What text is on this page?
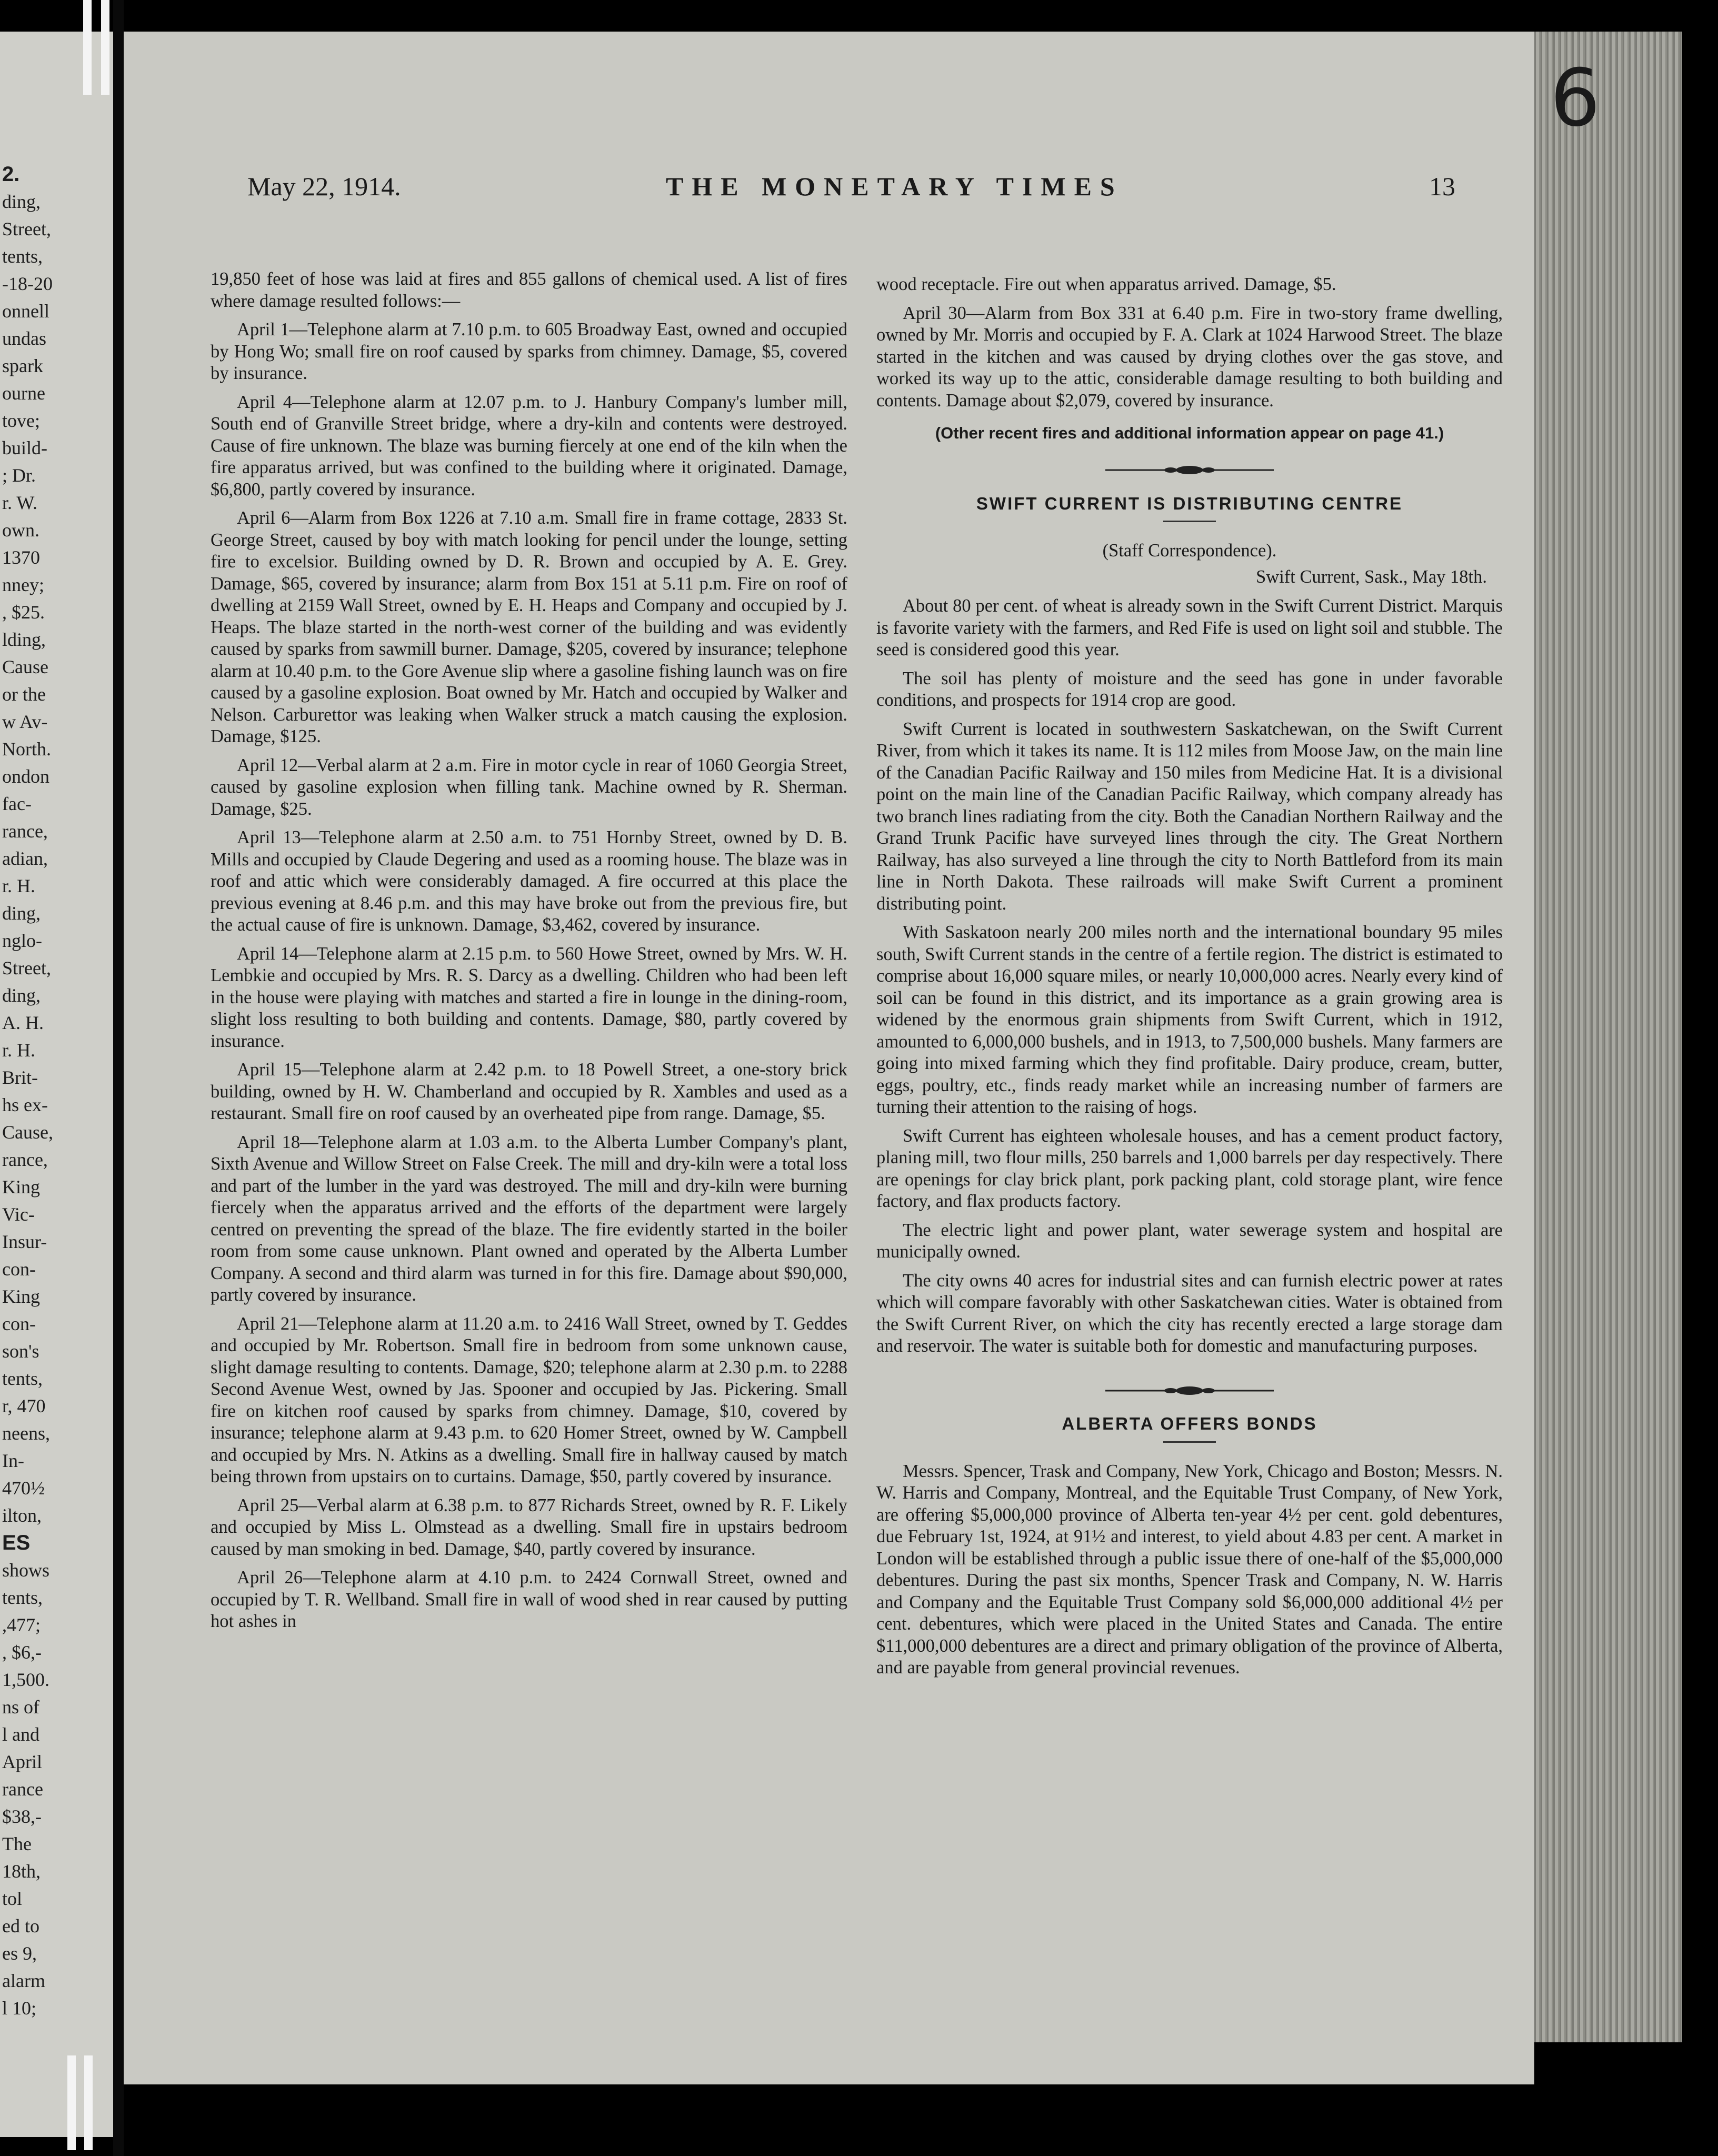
2.
ding,
Street,
tents,
-18-20
onnell
undas
spark
ourne
tove;
build-
; Dr.
r. W.
own.
1370
nney;
, $25.
lding,
Cause
or the
w Av-
North.
ondon
fac-
rance,
adian,
r. H.
ding,
nglo-
Street,
ding,
A. H.
r. H.
Brit-
hs ex-
Cause,
rance,
King
Vic-
Insur-
con-
King
con-
son's
tents,
r, 470
neens,
In-
470½
ilton,
ES
shows
tents,
,477;
, $6,-
1,500.
ns of
l and
April
rance
$38,-
The
18th,
tol
ed to
es 9,
alarm
l 10;
6
May 22, 1914.	THE MONETARY TIMES	13

19,850 feet of hose was laid at fires and 855 gallons of chemical used. A list of fires where damage resulted follows:—

April 1—Telephone alarm at 7.10 p.m. to 605 Broadway East, owned and occupied by Hong Wo; small fire on roof caused by sparks from chimney. Damage, $5, covered by insurance.

April 4—Telephone alarm at 12.07 p.m. to J. Hanbury Company's lumber mill, South end of Granville Street bridge, where a dry-kiln and contents were destroyed. Cause of fire unknown. The blaze was burning fiercely at one end of the kiln when the fire apparatus arrived, but was confined to the building where it originated. Damage, $6,800, partly covered by insurance.

April 6—Alarm from Box 1226 at 7.10 a.m. Small fire in frame cottage, 2833 St. George Street, caused by boy with match looking for pencil under the lounge, setting fire to excelsior. Building owned by D. R. Brown and occupied by A. E. Grey. Damage, $65, covered by insurance; alarm from Box 151 at 5.11 p.m. Fire on roof of dwelling at 2159 Wall Street, owned by E. H. Heaps and Company and occupied by J. Heaps. The blaze started in the north-west corner of the building and was evidently caused by sparks from sawmill burner. Damage, $205, covered by insurance; telephone alarm at 10.40 p.m. to the Gore Avenue slip where a gasoline fishing launch was on fire caused by a gasoline explosion. Boat owned by Mr. Hatch and occupied by Walker and Nelson. Carburettor was leaking when Walker struck a match causing the explosion. Damage, $125.

April 12—Verbal alarm at 2 a.m. Fire in motor cycle in rear of 1060 Georgia Street, caused by gasoline explosion when filling tank. Machine owned by R. Sherman. Damage, $25.

April 13—Telephone alarm at 2.50 a.m. to 751 Hornby Street, owned by D. B. Mills and occupied by Claude Degering and used as a rooming house. The blaze was in roof and attic which were considerably damaged. A fire occurred at this place the previous evening at 8.46 p.m. and this may have broke out from the previous fire, but the actual cause of fire is unknown. Damage, $3,462, covered by insurance.

April 14—Telephone alarm at 2.15 p.m. to 560 Howe Street, owned by Mrs. W. H. Lembkie and occupied by Mrs. R. S. Darcy as a dwelling. Children who had been left in the house were playing with matches and started a fire in lounge in the dining-room, slight loss resulting to both building and contents. Damage, $80, partly covered by insurance.

April 15—Telephone alarm at 2.42 p.m. to 18 Powell Street, a one-story brick building, owned by H. W. Chamberland and occupied by R. Xambles and used as a restaurant. Small fire on roof caused by an overheated pipe from range. Damage, $5.

April 18—Telephone alarm at 1.03 a.m. to the Alberta Lumber Company's plant, Sixth Avenue and Willow Street on False Creek. The mill and dry-kiln were a total loss and part of the lumber in the yard was destroyed. The mill and dry-kiln were burning fiercely when the apparatus arrived and the efforts of the department were largely centred on preventing the spread of the blaze. The fire evidently started in the boiler room from some cause unknown. Plant owned and operated by the Alberta Lumber Company. A second and third alarm was turned in for this fire. Damage about $90,000, partly covered by insurance.

April 21—Telephone alarm at 11.20 a.m. to 2416 Wall Street, owned by T. Geddes and occupied by Mr. Robertson. Small fire in bedroom from some unknown cause, slight damage resulting to contents. Damage, $20; telephone alarm at 2.30 p.m. to 2288 Second Avenue West, owned by Jas. Spooner and occupied by Jas. Pickering. Small fire on kitchen roof caused by sparks from chimney. Damage, $10, covered by insurance; telephone alarm at 9.43 p.m. to 620 Homer Street, owned by W. Campbell and occupied by Mrs. N. Atkins as a dwelling. Small fire in hallway caused by match being thrown from upstairs on to curtains. Damage, $50, partly covered by insurance.

April 25—Verbal alarm at 6.38 p.m. to 877 Richards Street, owned by R. F. Likely and occupied by Miss L. Olmstead as a dwelling. Small fire in upstairs bedroom caused by man smoking in bed. Damage, $40, partly covered by insurance.

April 26—Telephone alarm at 4.10 p.m. to 2424 Cornwall Street, owned and occupied by T. R. Wellband. Small fire in wall of wood shed in rear caused by putting hot ashes in

wood receptacle. Fire out when apparatus arrived. Damage, $5.

April 30—Alarm from Box 331 at 6.40 p.m. Fire in two-story frame dwelling, owned by Mr. Morris and occupied by F. A. Clark at 1024 Harwood Street. The blaze started in the kitchen and was caused by drying clothes over the gas stove, and worked its way up to the attic, considerable damage resulting to both building and contents. Damage about $2,079, covered by insurance.

(Other recent fires and additional information appear on page 41.)
SWIFT CURRENT IS DISTRIBUTING CENTRE
(Staff Correspondence).
Swift Current, Sask., May 18th.

About 80 per cent. of wheat is already sown in the Swift Current District. Marquis is favorite variety with the farmers, and Red Fife is used on light soil and stubble. The seed is considered good this year.

The soil has plenty of moisture and the seed has gone in under favorable conditions, and prospects for 1914 crop are good.

Swift Current is located in southwestern Saskatchewan, on the Swift Current River, from which it takes its name. It is 112 miles from Moose Jaw, on the main line of the Canadian Pacific Railway and 150 miles from Medicine Hat. It is a divisional point on the main line of the Canadian Pacific Railway, which company already has two branch lines radiating from the city. Both the Canadian Northern Railway and the Grand Trunk Pacific have surveyed lines through the city. The Great Northern Railway, has also surveyed a line through the city to North Battleford from its main line in North Dakota. These railroads will make Swift Current a prominent distributing point.

With Saskatoon nearly 200 miles north and the international boundary 95 miles south, Swift Current stands in the centre of a fertile region. The district is estimated to comprise about 16,000 square miles, or nearly 10,000,000 acres. Nearly every kind of soil can be found in this district, and its importance as a grain growing area is widened by the enormous grain shipments from Swift Current, which in 1912, amounted to 6,000,000 bushels, and in 1913, to 7,500,000 bushels. Many farmers are going into mixed farming which they find profitable. Dairy produce, cream, butter, eggs, poultry, etc., finds ready market while an increasing number of farmers are turning their attention to the raising of hogs.

Swift Current has eighteen wholesale houses, and has a cement product factory, planing mill, two flour mills, 250 barrels and 1,000 barrels per day respectively. There are openings for clay brick plant, pork packing plant, cold storage plant, wire fence factory, and flax products factory.

The electric light and power plant, water sewerage system and hospital are municipally owned.

The city owns 40 acres for industrial sites and can furnish electric power at rates which will compare favorably with other Saskatchewan cities. Water is obtained from the Swift Current River, on which the city has recently erected a large storage dam and reservoir. The water is suitable both for domestic and manufacturing purposes.

ALBERTA OFFERS BONDS

Messrs. Spencer, Trask and Company, New York, Chicago and Boston; Messrs. N. W. Harris and Company, Montreal, and the Equitable Trust Company, of New York, are offering $5,000,000 province of Alberta ten-year 4½ per cent. gold debentures, due February 1st, 1924, at 91½ and interest, to yield about 4.83 per cent. A market in London will be established through a public issue there of one-half of the $5,000,000 debentures. During the past six months, Spencer Trask and Company, N. W. Harris and Company and the Equitable Trust Company sold $6,000,000 additional 4½ per cent. debentures, which were placed in the United States and Canada. The entire $11,000,000 debentures are a direct and primary obligation of the province of Alberta, and are payable from general provincial revenues.
